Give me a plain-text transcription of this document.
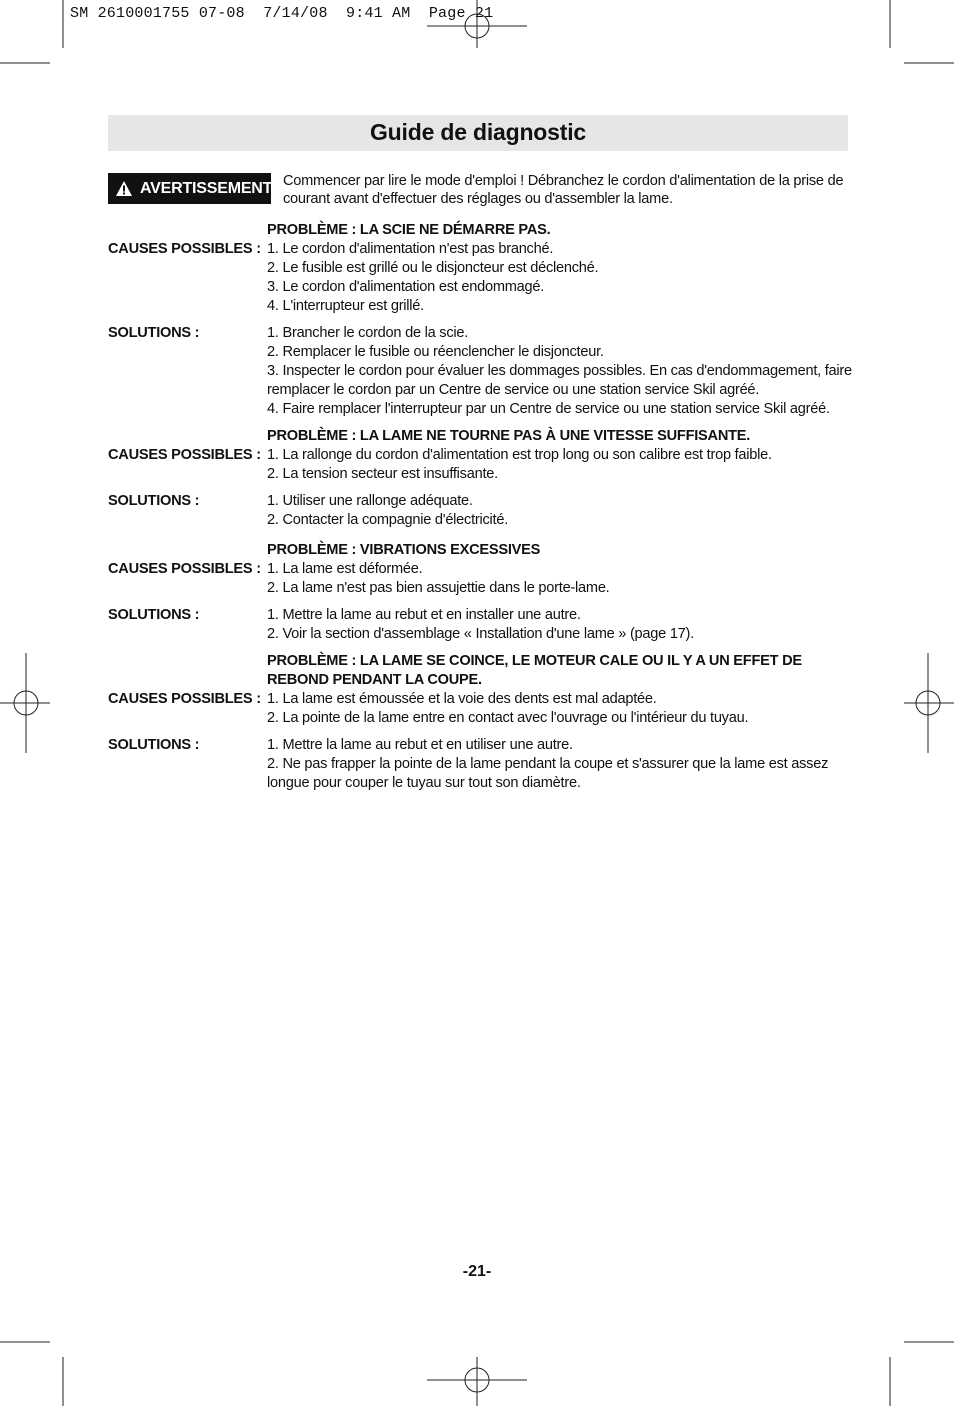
SM 2610001755 07-08  7/14/08  9:41 AM  Page 21
Guide de diagnostic
AVERTISSEMENT Commencer par lire le mode d'emploi ! Débranchez le cordon d'alimentation de la prise de courant avant d'effectuer des réglages ou d'assembler la lame.
PROBLÈME : LA SCIE NE DÉMARRE PAS.
CAUSES POSSIBLES : 1. Le cordon d'alimentation n'est pas branché.
2. Le fusible est grillé ou le disjoncteur est déclenché.
3. Le cordon d'alimentation est endommagé.
4. L'interrupteur est grillé.
SOLUTIONS :	1. Brancher le cordon de la scie.
2. Remplacer le fusible ou réenclencher le disjoncteur.
3. Inspecter le cordon pour évaluer les dommages possibles. En cas d'endommagement, faire remplacer le cordon par un Centre de service ou une station service Skil agréé.
4. Faire remplacer l'interrupteur par un Centre de service ou une station service Skil agréé.
PROBLÈME : LA LAME NE TOURNE PAS À UNE VITESSE SUFFISANTE.
CAUSES POSSIBLES : 1. La rallonge du cordon d'alimentation est trop long ou son calibre est trop faible.
2. La tension secteur est insuffisante.
SOLUTIONS :	1. Utiliser une rallonge adéquate.
2. Contacter la compagnie d'électricité.
PROBLÈME : VIBRATIONS EXCESSIVES
CAUSES POSSIBLES : 1. La lame est déformée.
2. La lame n'est pas bien assujettie dans le porte-lame.
SOLUTIONS :	1. Mettre la lame au rebut et en installer une autre.
2. Voir la section d'assemblage « Installation d'une lame » (page 17).
PROBLÈME : LA LAME SE COINCE, LE MOTEUR CALE OU IL Y A UN EFFET DE REBOND PENDANT LA COUPE.
CAUSES POSSIBLES : 1. La lame est émoussée et la voie des dents est mal adaptée.
2. La pointe de la lame entre en contact avec l'ouvrage ou l'intérieur du tuyau.
SOLUTIONS :	1. Mettre la lame au rebut et en utiliser une autre.
2. Ne pas frapper la pointe de la lame pendant la coupe et s'assurer que la lame est assez longue pour couper le tuyau sur tout son diamètre.
-21-
